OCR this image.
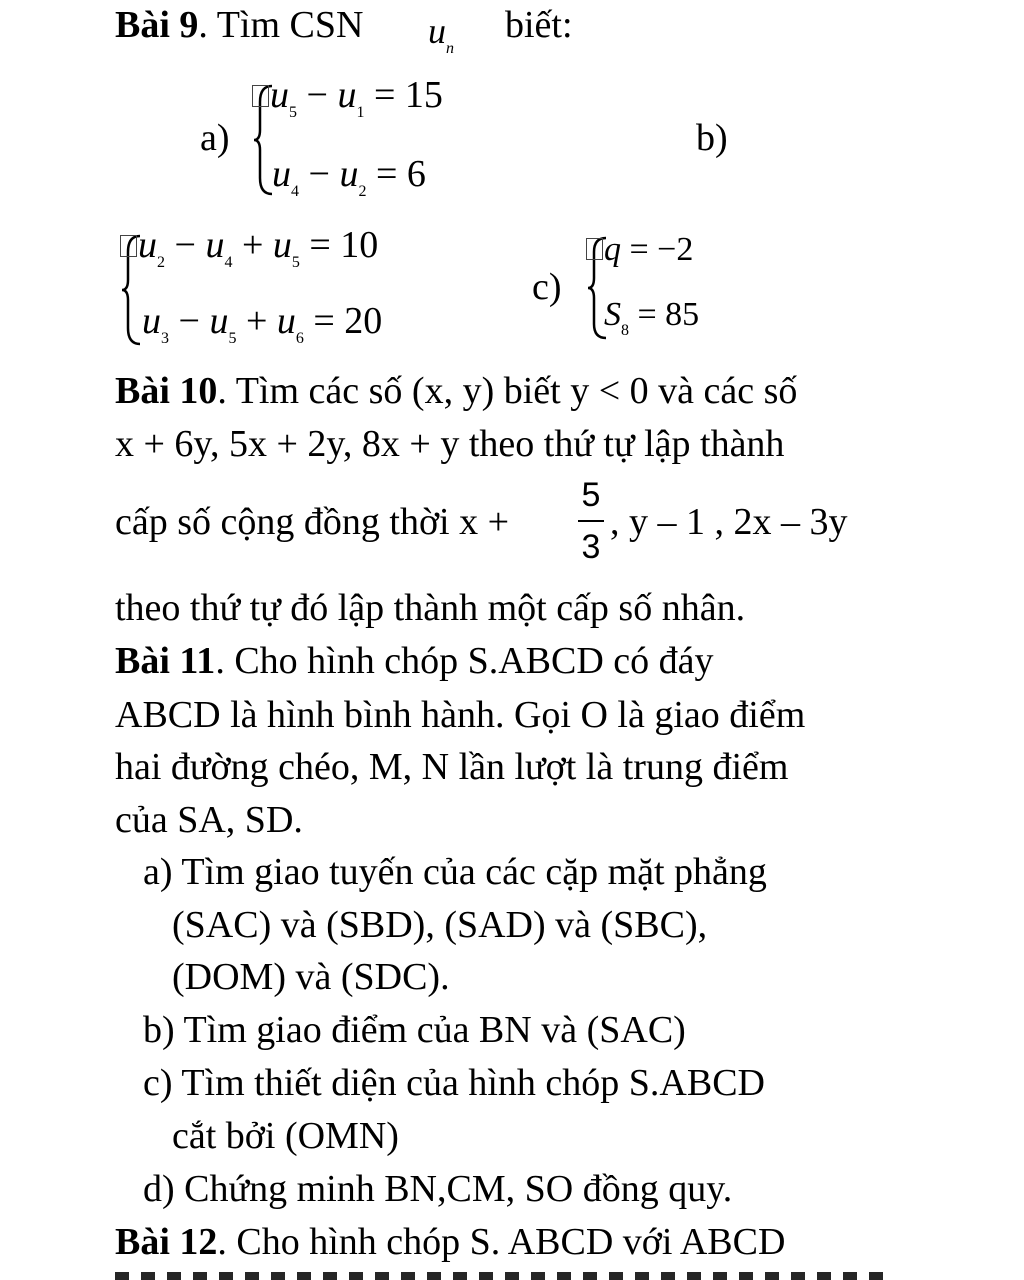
Bài 9. Tìm CSN $u_n$
biết:
a)
$u_5 - u_1 = 15$
$u_4 - u_2 = 6$
b)
$u_2 - u_4 + u_5 = 10$
$u_3 - u_5 + u_6 = 20$
c)
q = −2
$S_8 = 85$
Bài 10. Tìm các số (x, y) biết y < 0 và các số
x + 6y, 5x + 2y, 8x + y theo thứ tự lập thành
cấp số cộng đồng thời x +
5
3
, y – 1 , 2x – 3y
theo thứ tự đó lập thành một cấp số nhân.
Bài 11. Cho hình chóp S.ABCD có đáy
ABCD là hình bình hành. Gọi O là giao điểm
hai đường chéo, M, N lần lượt là trung điểm
của SA, SD.
a) Tìm giao tuyến của các cặp mặt phẳng
(SAC) và (SBD), (SAD) và (SBC),
(DOM) và (SDC).
b) Tìm giao điểm của BN và (SAC)
c) Tìm thiết diện của hình chóp S.ABCD
cắt bởi (OMN)
d) Chứng minh BN,CM, SO đồng quy.
Bài 12. Cho hình chóp S. ABCD với ABCD
